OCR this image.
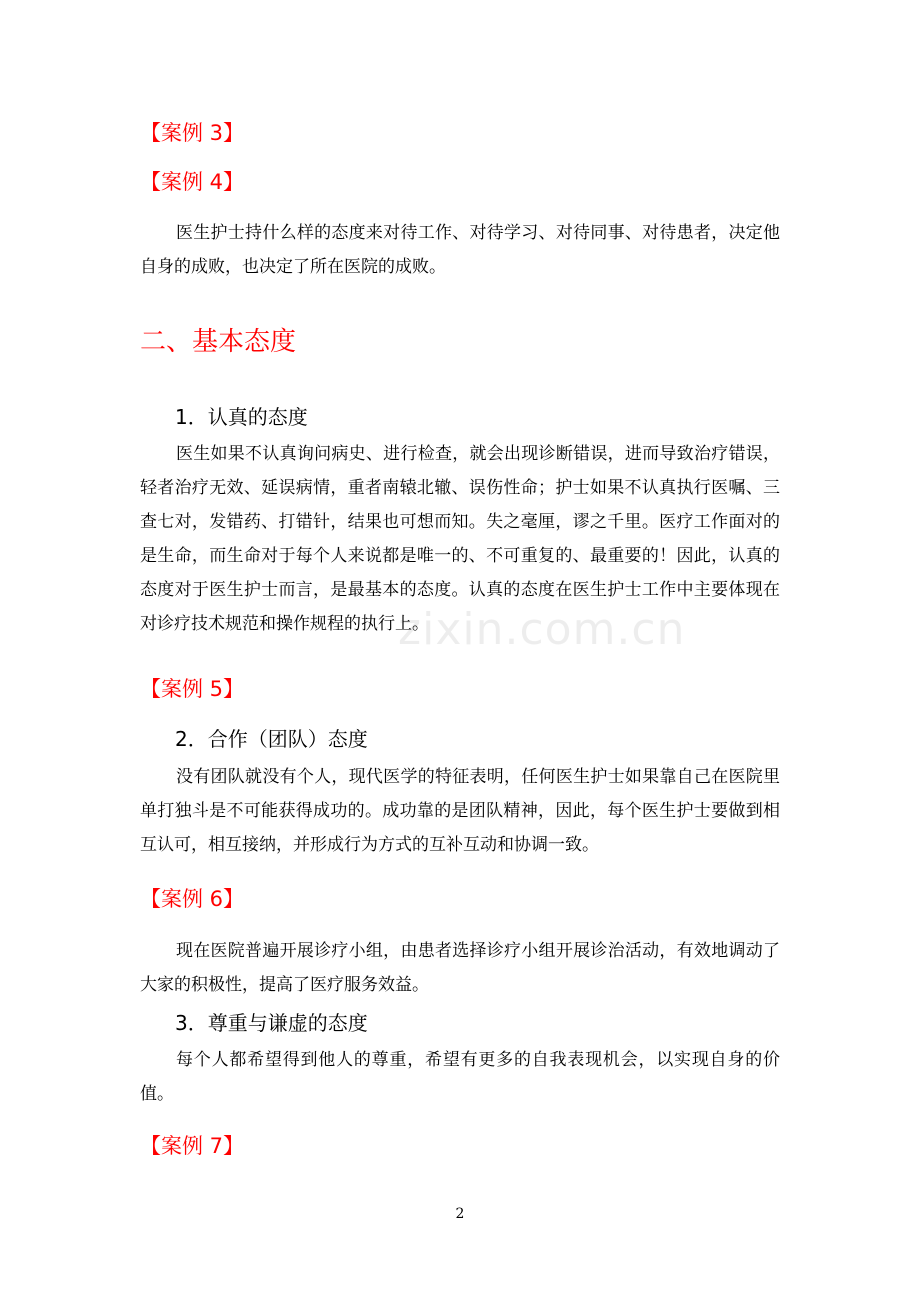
【案例 3】
【案例 4】

医生护士持什么样的态度来对待工作、对待学习、对待同事、对待患者，决定他自身的成败，也决定了所在医院的成败。

二、基本态度
1．认真的态度

医生如果不认真询问病史、进行检查，就会出现诊断错误，进而导致治疗错误，轻者治疗无效、延误病情，重者南辕北辙、误伤性命；护士如果不认真执行医嘱、三查七对，发错药、打错针，结果也可想而知。失之毫厘，谬之千里。医疗工作面对的是生命，而生命对于每个人来说都是唯一的、不可重复的、最重要的！因此，认真的态度对于医生护士而言，是最基本的态度。认真的态度在医生护士工作中主要体现在对诊疗技术规范和操作规程的执行上。

【案例 5】
2．合作（团队）态度

没有团队就没有个人，现代医学的特征表明，任何医生护士如果靠自己在医院里单打独斗是不可能获得成功的。成功靠的是团队精神，因此，每个医生护士要做到相互认可，相互接纳，并形成行为方式的互补互动和协调一致。

【案例 6】

现在医院普遍开展诊疗小组，由患者选择诊疗小组开展诊治活动，有效地调动了大家的积极性，提高了医疗服务效益。

3．尊重与谦虚的态度

每个人都希望得到他人的尊重，希望有更多的自我表现机会，以实现自身的价值。

【案例 7】
zixin.com.cn
2
